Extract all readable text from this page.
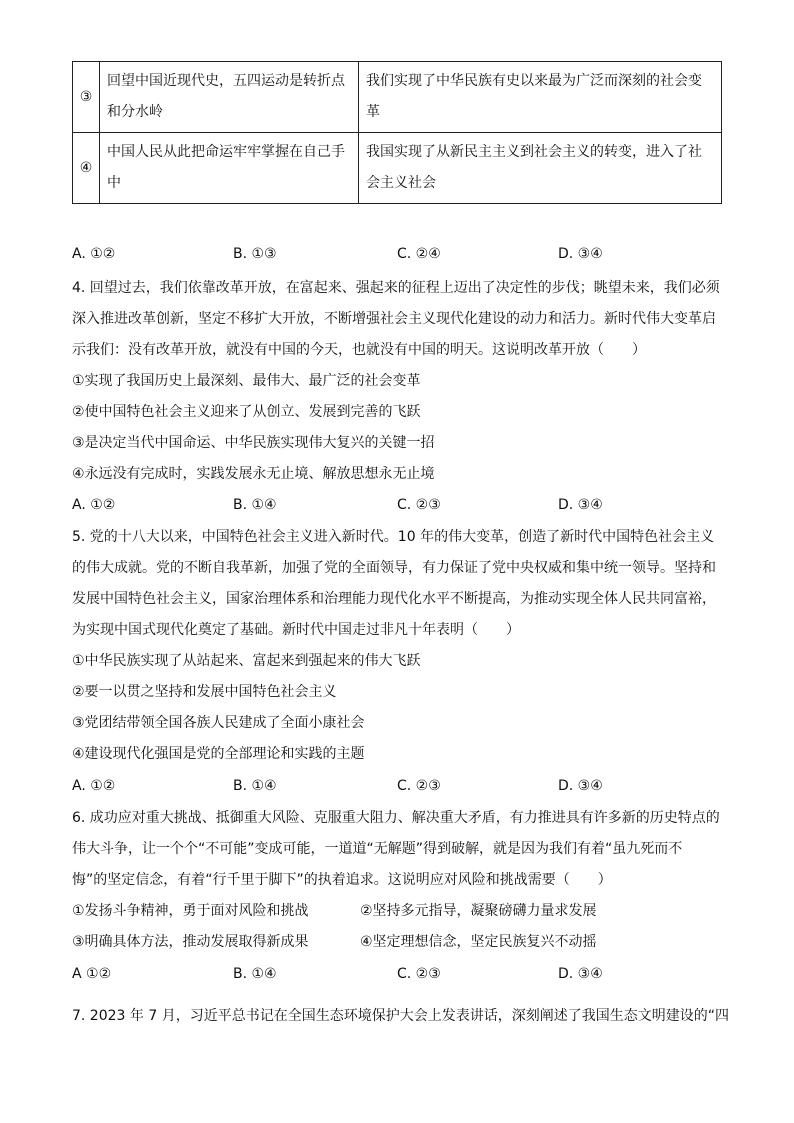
③	回望中国近现代史，五四运动是转折点和分水岭	我们实现了中华民族有史以来最为广泛而深刻的社会变革
④	中国人民从此把命运牢牢掌握在自己手中	我国实现了从新民主主义到社会主义的转变，进入了社会主义社会
A. ①②	B. ①③	C. ②④	D. ③④
4. 回望过去，我们依靠改革开放，在富起来、强起来的征程上迈出了决定性的步伐；眺望未来，我们必须
深入推进改革创新，坚定不移扩大开放，不断增强社会主义现代化建设的动力和活力。新时代伟大变革启
示我们：没有改革开放，就没有中国的今天，也就没有中国的明天。这说明改革开放（　　）
①实现了我国历史上最深刻、最伟大、最广泛的社会变革
②使中国特色社会主义迎来了从创立、发展到完善的飞跃
③是决定当代中国命运、中华民族实现伟大复兴的关键一招
④永远没有完成时，实践发展永无止境、解放思想永无止境
A. ①②	B. ①④	C. ②③	D. ③④
5. 党的十八大以来，中国特色社会主义进入新时代。10 年的伟大变革，创造了新时代中国特色社会主义
的伟大成就。党的不断自我革新，加强了党的全面领导，有力保证了党中央权威和集中统一领导。坚持和
发展中国特色社会主义，国家治理体系和治理能力现代化水平不断提高，为推动实现全体人民共同富裕，
为实现中国式现代化奠定了基础。新时代中国走过非凡十年表明（　　）
①中华民族实现了从站起来、富起来到强起来的伟大飞跃
②要一以贯之坚持和发展中国特色社会主义
③党团结带领全国各族人民建成了全面小康社会
④建设现代化强国是党的全部理论和实践的主题
A. ①②	B. ①④	C. ②③	D. ③④
6. 成功应对重大挑战、抵御重大风险、克服重大阻力、解决重大矛盾，有力推进具有许多新的历史特点的
伟大斗争，让一个个“不可能”变成可能，一道道“无解题”得到破解，就是因为我们有着“虽九死而不
悔”的坚定信念，有着“行千里于脚下”的执着追求。这说明应对风险和挑战需要（　　）
①发扬斗争精神，勇于面对风险和挑战	②坚持多元指导，凝聚磅礴力量求发展
③明确具体方法，推动发展取得新成果	④坚定理想信念，坚定民族复兴不动摇
A ①②	B. ①④	C. ②③	D. ③④
7. 2023 年 7 月，习近平总书记在全国生态环境保护大会上发表讲话，深刻阐述了我国生态文明建设的“四
